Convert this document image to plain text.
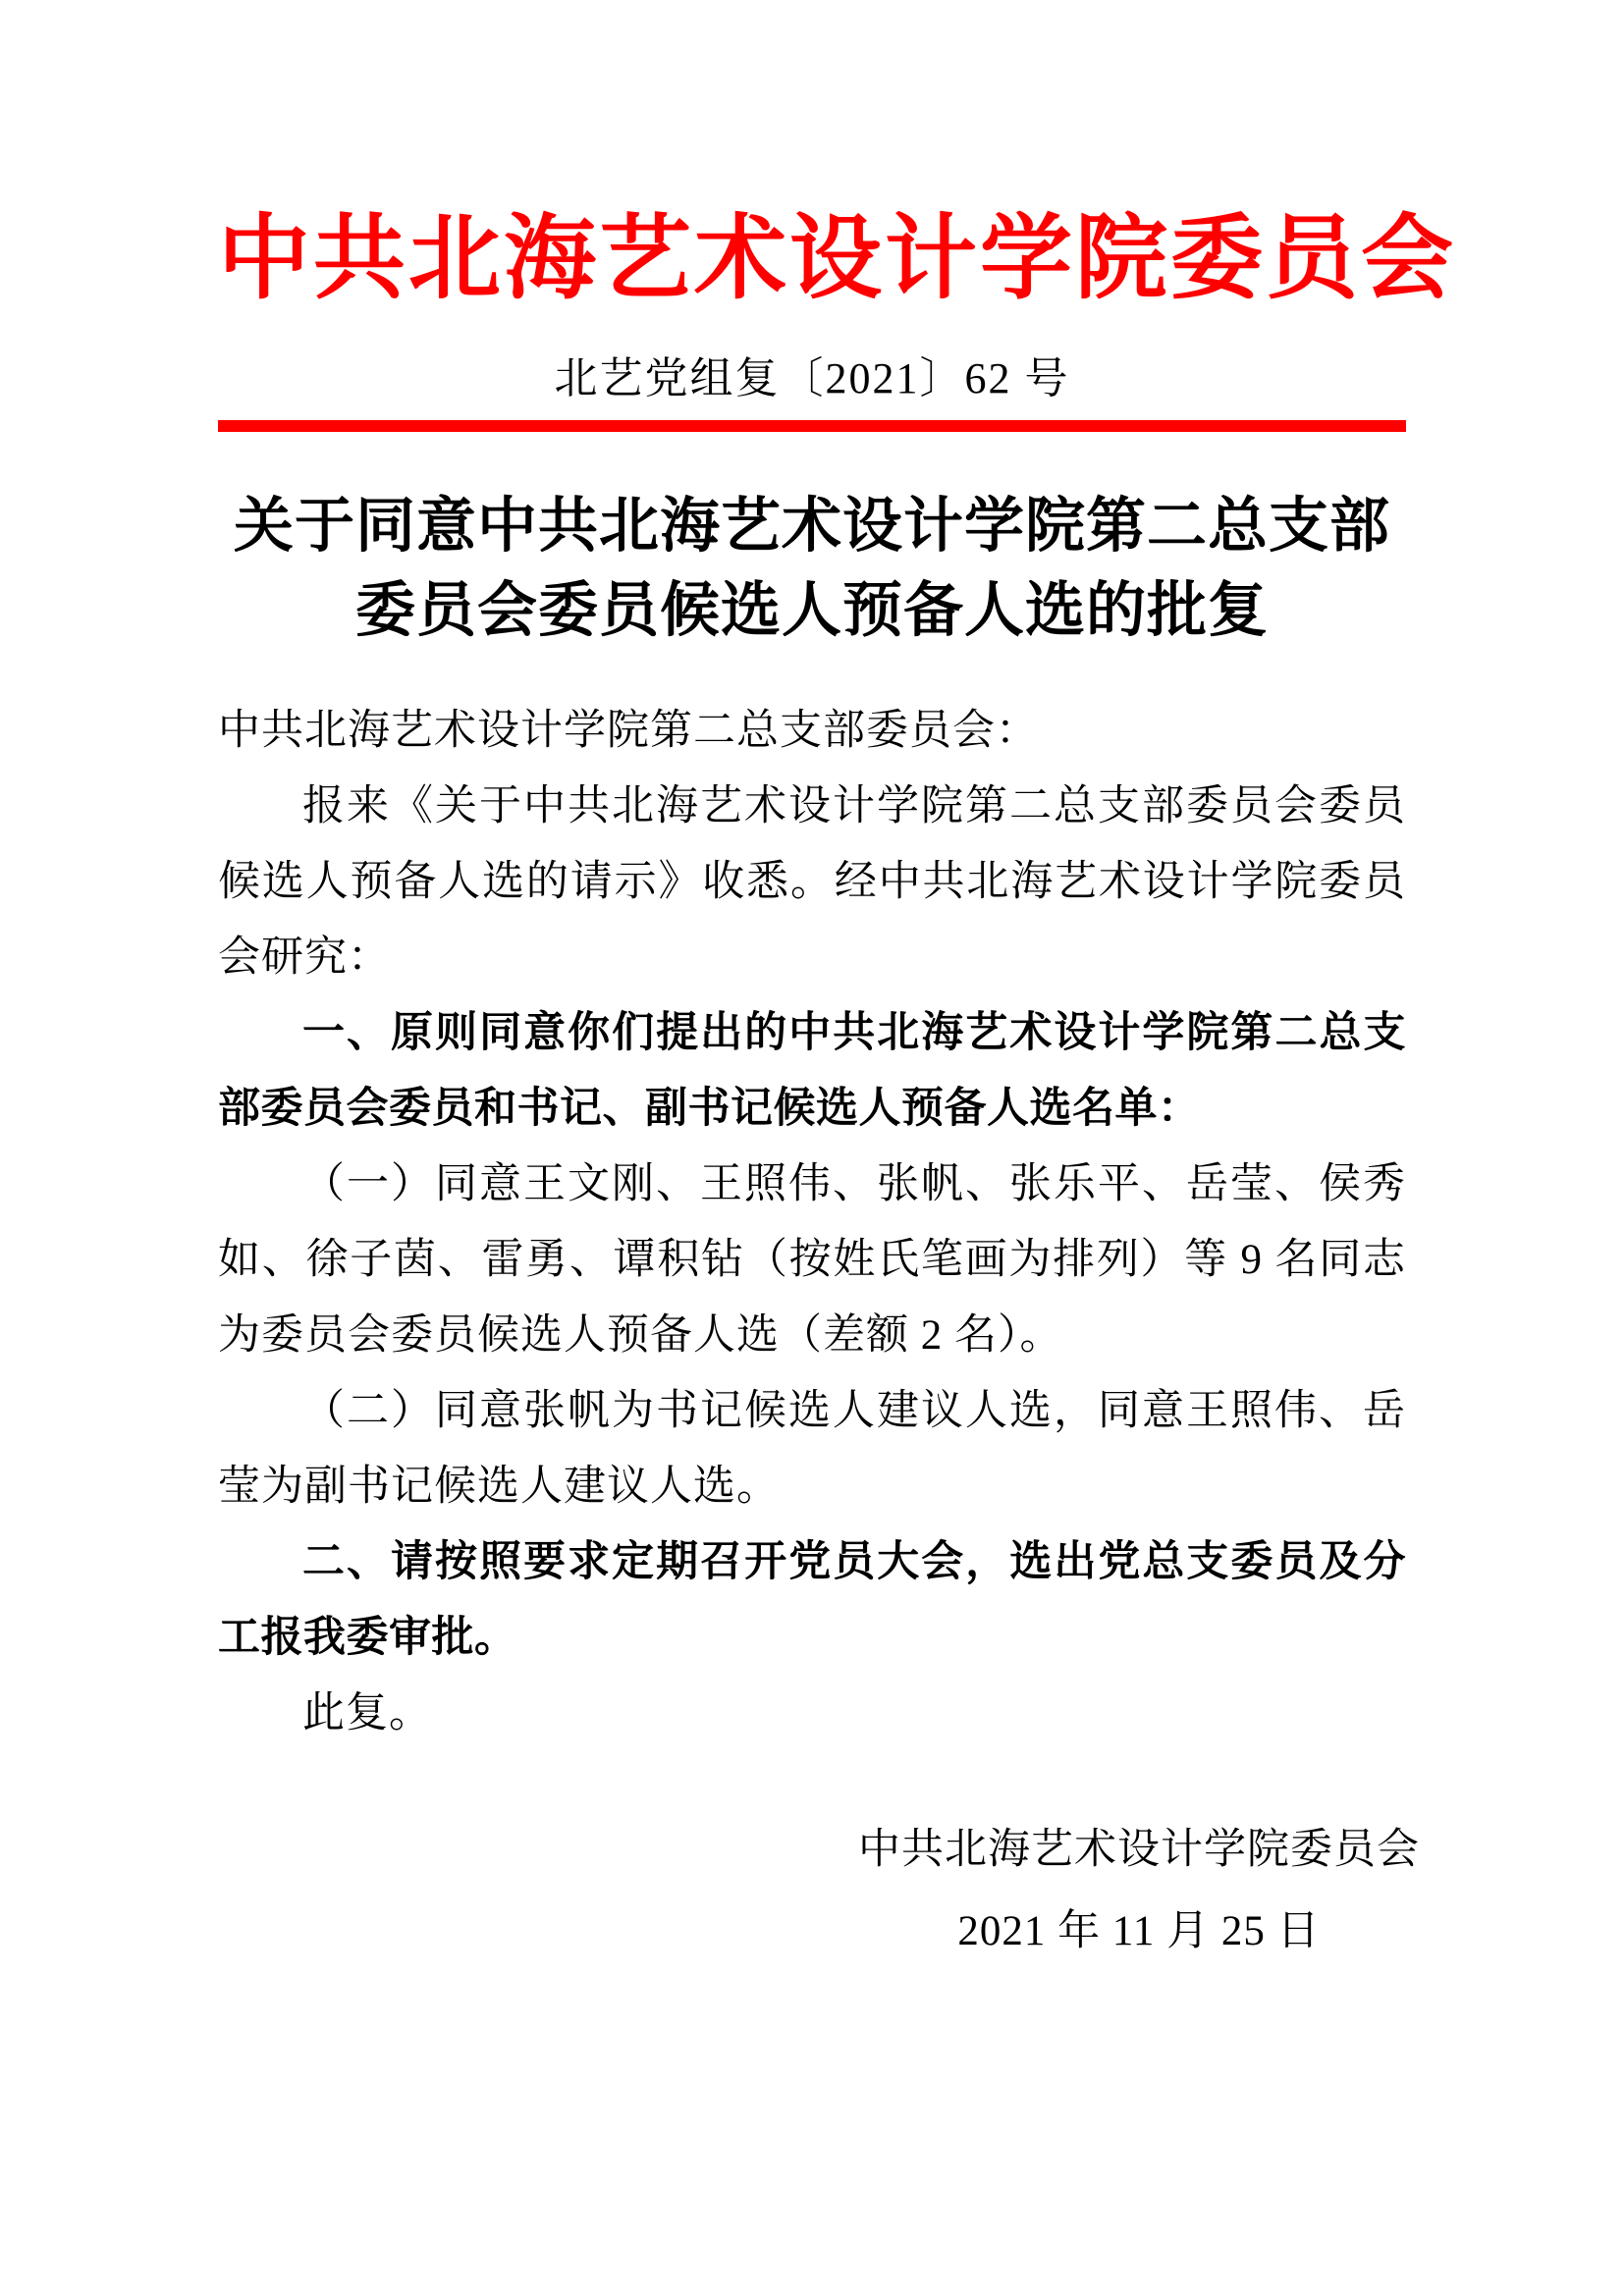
中共北海艺术设计学院委员会
北艺党组复〔2021〕62 号
关于同意中共北海艺术设计学院第二总支部
委员会委员候选人预备人选的批复

中共北海艺术设计学院第二总支部委员会：

报来《关于中共北海艺术设计学院第二总支部委员会委员候选人预备人选的请示》收悉。经中共北海艺术设计学院委员会研究：

一、原则同意你们提出的中共北海艺术设计学院第二总支部委员会委员和书记、副书记候选人预备人选名单：

（一）同意王文刚、王照伟、张帆、张乐平、岳莹、侯秀如、徐子茵、雷勇、谭积钻（按姓氏笔画为排列）等 9 名同志为委员会委员候选人预备人选（差额 2 名）。

（二）同意张帆为书记候选人建议人选，同意王照伟、岳莹为副书记候选人建议人选。

二、请按照要求定期召开党员大会，选出党总支委员及分工报我委审批。

此复。

中共北海艺术设计学院委员会
2021 年 11 月 25 日
